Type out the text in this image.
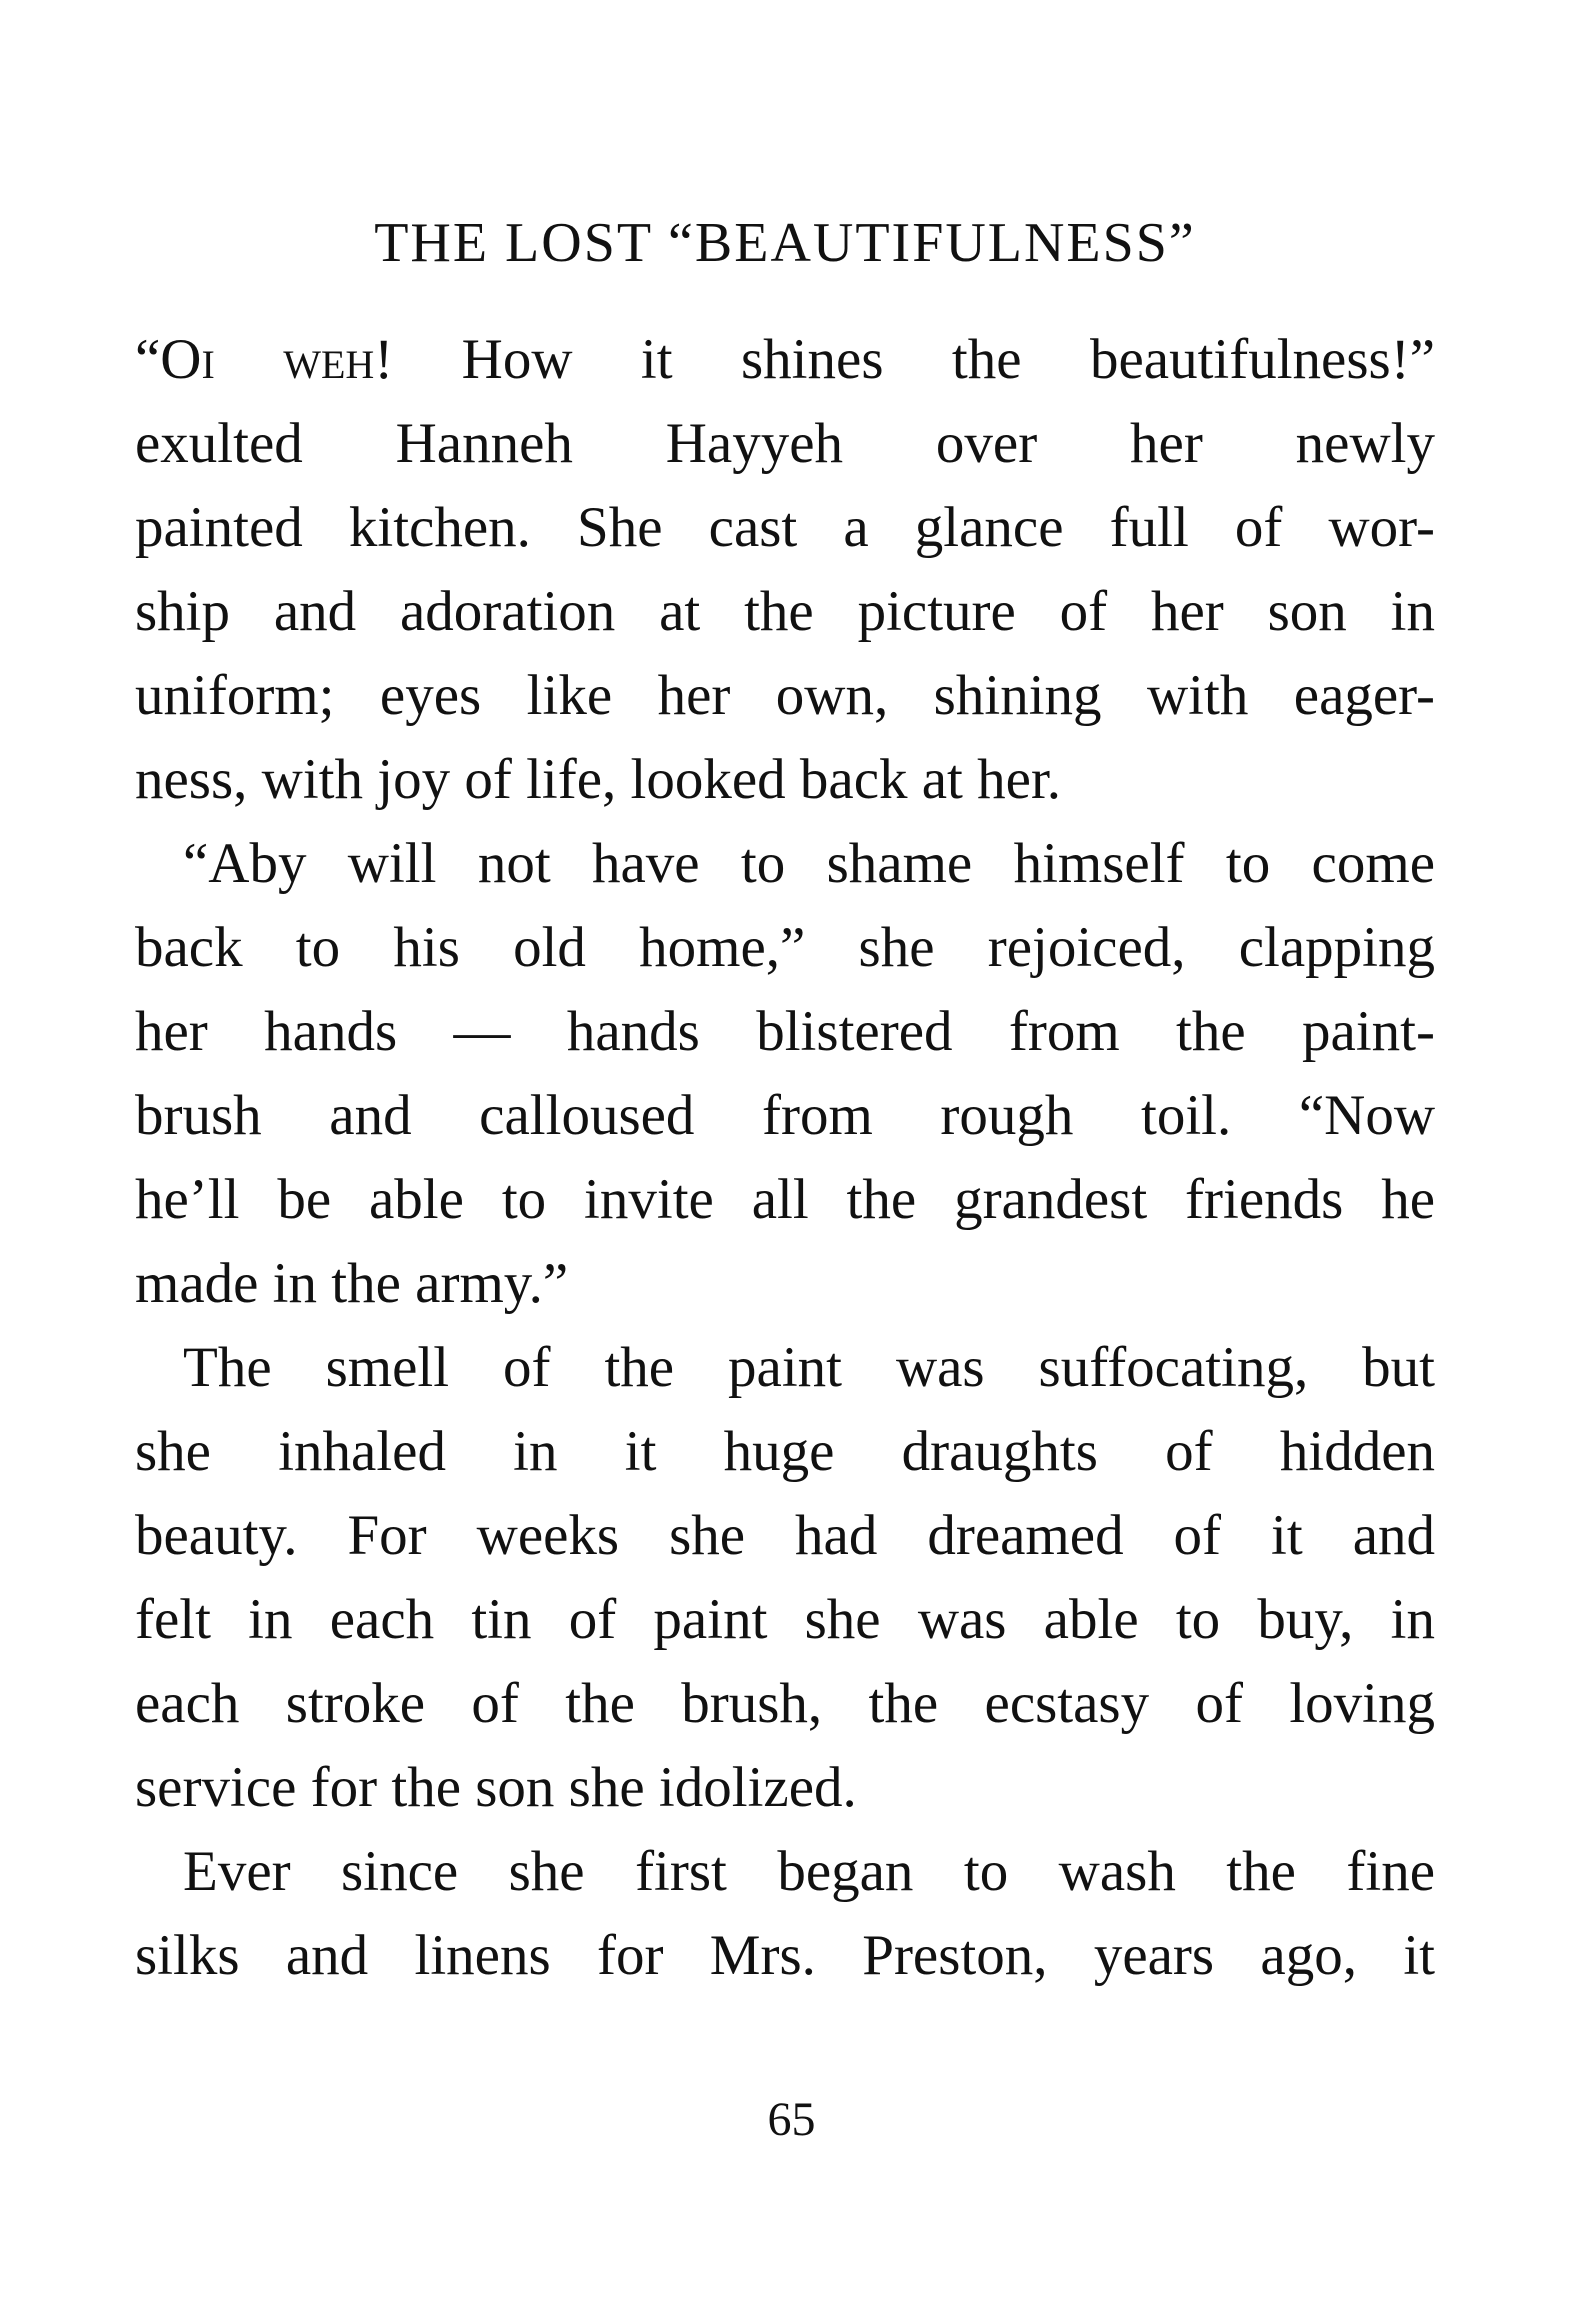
THE LOST “BEAUTIFULNESS”
“Oi weh! How it shines the beautifulness!”
exulted Hanneh Hayyeh over her newly
painted kitchen. She cast a glance full of wor-
ship and adoration at the picture of her son in
uniform; eyes like her own, shining with eager-
ness, with joy of life, looked back at her.
“Aby will not have to shame himself to come
back to his old home,” she rejoiced, clapping
her hands — hands blistered from the paint-
brush and calloused from rough toil. “Now
he’ll be able to invite all the grandest friends he
made in the army.”
The smell of the paint was suffocating, but
she inhaled in it huge draughts of hidden
beauty. For weeks she had dreamed of it and
felt in each tin of paint she was able to buy, in
each stroke of the brush, the ecstasy of loving
service for the son she idolized.
Ever since she first began to wash the fine
silks and linens for Mrs. Preston, years ago, it
65
